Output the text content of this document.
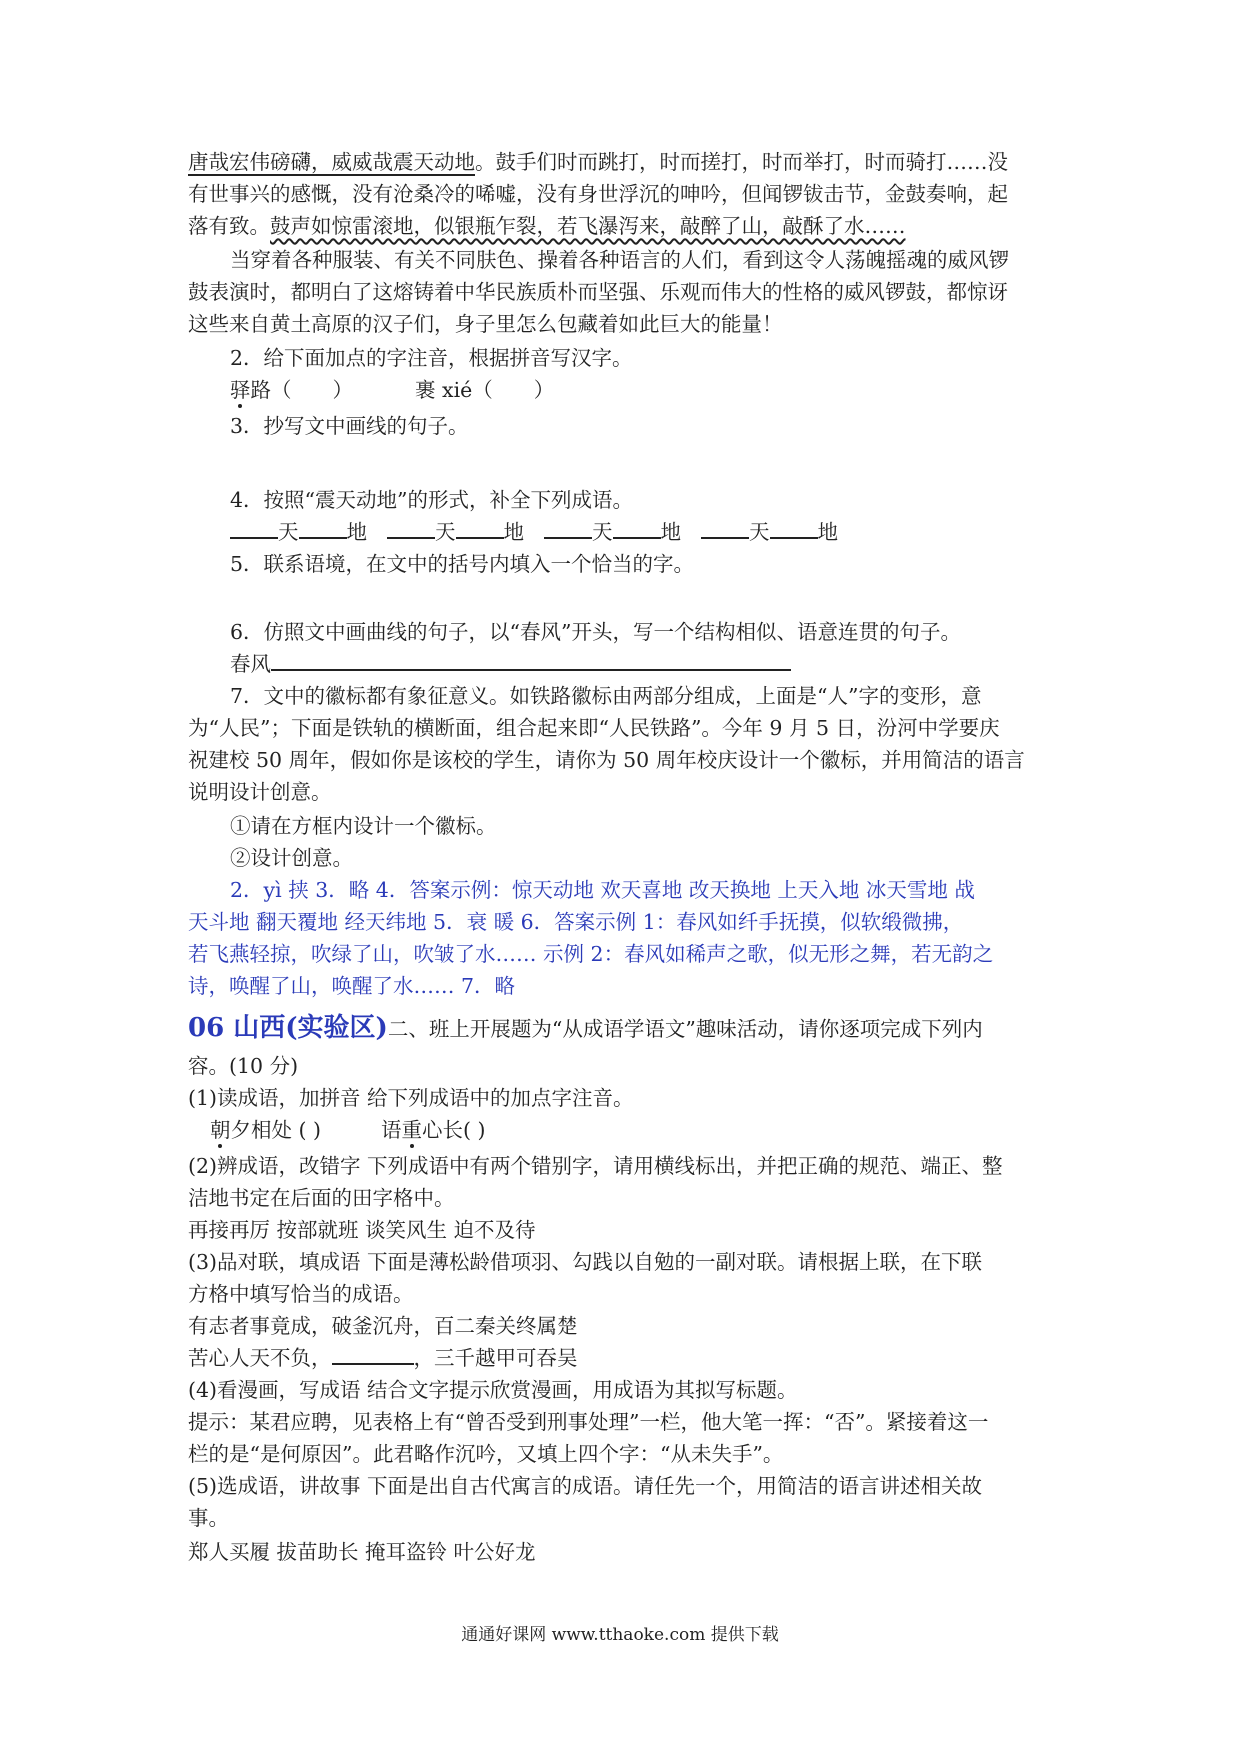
唐哉宏伟磅礴，威威哉震天动地。鼓手们时而跳打，时而搓打，时而举打，时而骑打……没
有世事兴的感慨，没有沧桑冷的唏嘘，没有身世浮沉的呻吟，但闻锣钹击节，金鼓奏响，起
落有致。鼓声如惊雷滚地，似银瓶乍裂，若飞瀑泻来，敲醉了山，敲酥了水……
当穿着各种服装、有关不同肤色、操着各种语言的人们，看到这令人荡魄摇魂的威风锣
鼓表演时，都明白了这熔铸着中华民族质朴而坚强、乐观而伟大的性格的威风锣鼓，都惊讶
这些来自黄土高原的汉子们，身子里怎么包藏着如此巨大的能量！
2．给下面加点的字注音，根据拼音写汉字。
驿路（　　）	裹 xié（　　）
3．抄写文中画线的句子。
4．按照“震天动地”的形式，补全下列成语。
天 地	天 地	天 地	天 地
5．联系语境，在文中的括号内填入一个恰当的字。
6．仿照文中画曲线的句子，以“春风”开头，写一个结构相似、语意连贯的句子。
春风
7．文中的徽标都有象征意义。如铁路徽标由两部分组成，上面是“人”字的变形，意
为“人民”；下面是铁轨的横断面，组合起来即“人民铁路”。今年 9 月 5 日，汾河中学要庆
祝建校 50 周年，假如你是该校的学生，请你为 50 周年校庆设计一个徽标，并用简洁的语言
说明设计创意。
①请在方框内设计一个徽标。
②设计创意。
2．yì 挟 3．略 4．答案示例：惊天动地 欢天喜地 改天换地 上天入地 冰天雪地 战
天斗地 翻天覆地 经天纬地 5．衰 暖 6．答案示例 1：春风如纤手抚摸，似软缎微拂，
若飞燕轻掠，吹绿了山，吹皱了水…… 示例 2：春风如稀声之歌，似无形之舞，若无韵之
诗，唤醒了山，唤醒了水…… 7．略
06 山西(实验区)二、班上开展题为“从成语学语文”趣味活动，请你逐项完成下列内
容。(10 分)
(1)读成语，加拼音 给下列成语中的加点字注音。
朝夕相处 ( )	语重心长( )
(2)辨成语，改错字 下列成语中有两个错别字，请用横线标出，并把正确的规范、端正、整
洁地书定在后面的田字格中。
再接再厉 按部就班 谈笑风生 迫不及待
(3)品对联，填成语 下面是薄松龄借项羽、勾践以自勉的一副对联。请根据上联，在下联
方格中填写恰当的成语。
有志者事竟成，破釜沉舟，百二秦关终属楚
苦心人天不负，	，三千越甲可吞吴
(4)看漫画，写成语 结合文字提示欣赏漫画，用成语为其拟写标题。
提示：某君应聘，见表格上有“曾否受到刑事处理”一栏，他大笔一挥：“否”。紧接着这一
栏的是“是何原因”。此君略作沉吟，又填上四个字：“从未失手”。
(5)选成语，讲故事 下面是出自古代寓言的成语。请任先一个，用简洁的语言讲述相关故
事。
郑人买履 拔苗助长 掩耳盗铃 叶公好龙
通通好课网 www.tthaoke.com 提供下载
